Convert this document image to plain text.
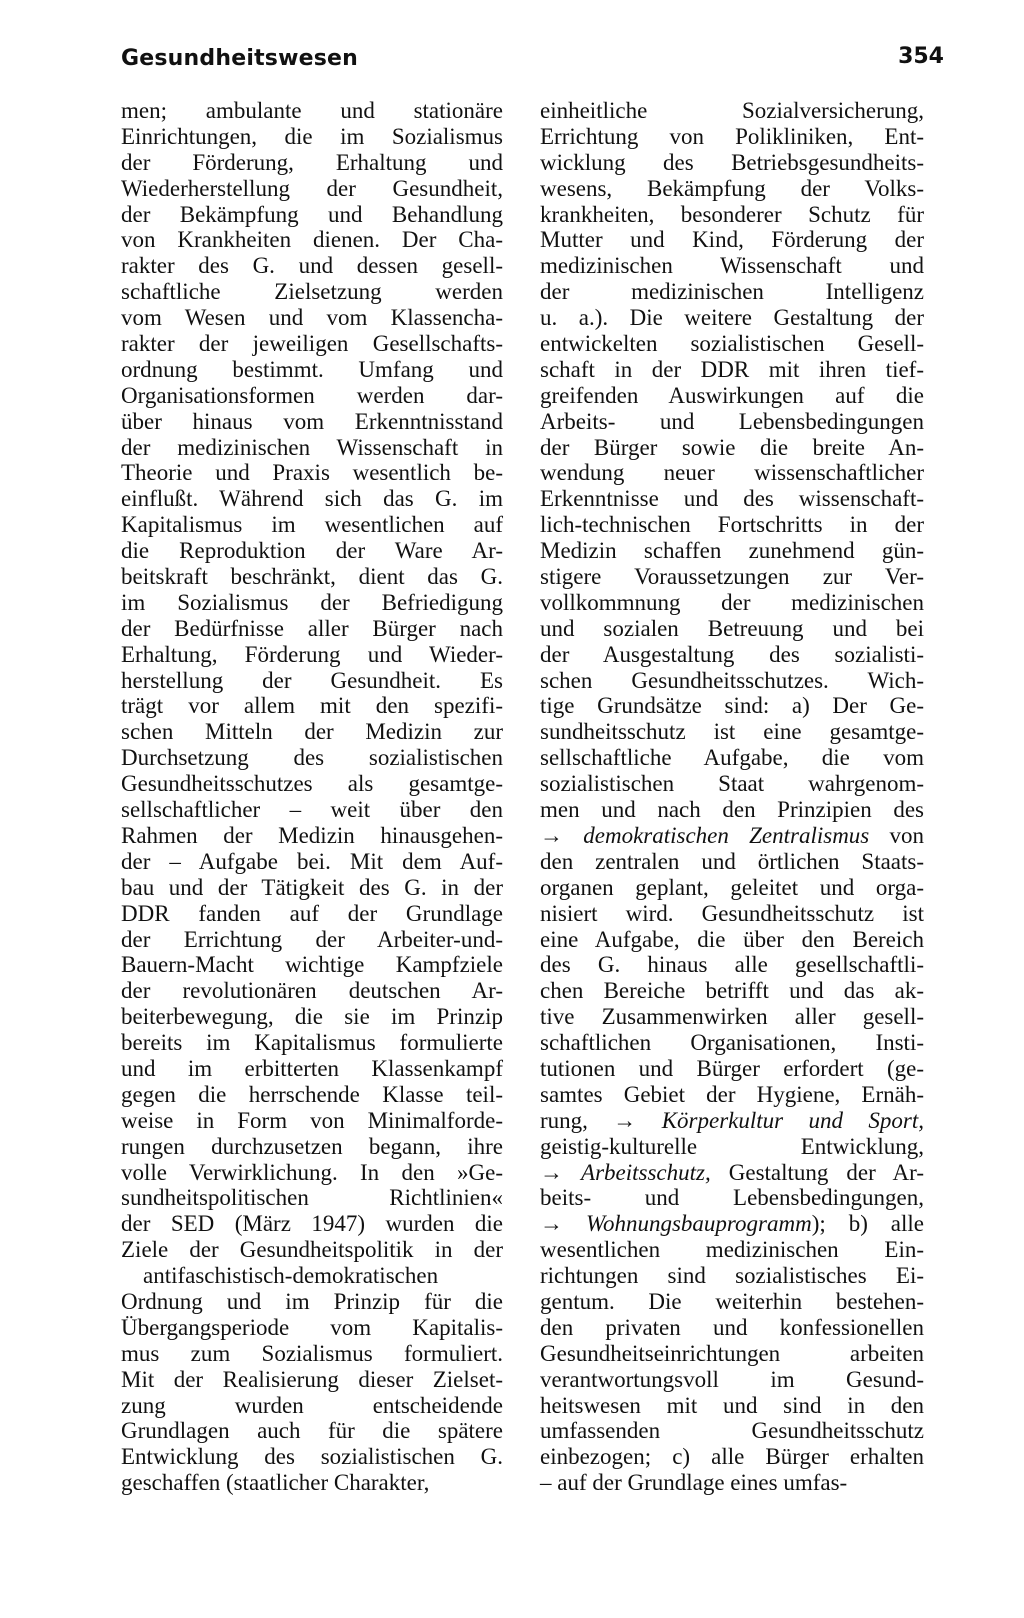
Gesundheitswesen	354
men; ambulante und stationäre
Einrichtungen, die im Sozialismus
der Förderung, Erhaltung und
Wiederherstellung der Gesundheit,
der Bekämpfung und Behandlung
von Krankheiten dienen. Der Cha-
rakter des G. und dessen gesell-
schaftliche Zielsetzung werden
vom Wesen und vom Klassencha-
rakter der jeweiligen Gesellschafts-
ordnung bestimmt. Umfang und
Organisationsformen werden dar-
über hinaus vom Erkenntnisstand
der medizinischen Wissenschaft in
Theorie und Praxis wesentlich be-
einflußt. Während sich das G. im
Kapitalismus im wesentlichen auf
die Reproduktion der Ware Ar-
beitskraft beschränkt, dient das G.
im Sozialismus der Befriedigung
der Bedürfnisse aller Bürger nach
Erhaltung, Förderung und Wieder-
herstellung der Gesundheit. Es
trägt vor allem mit den spezifi-
schen Mitteln der Medizin zur
Durchsetzung des sozialistischen
Gesundheitsschutzes als gesamtge-
sellschaftlicher – weit über den
Rahmen der Medizin hinausgehen-
der – Aufgabe bei. Mit dem Auf-
bau und der Tätigkeit des G. in der
DDR fanden auf der Grundlage
der Errichtung der Arbeiter-und-
Bauern-Macht wichtige Kampfziele
der revolutionären deutschen Ar-
beiterbewegung, die sie im Prinzip
bereits im Kapitalismus formulierte
und im erbitterten Klassenkampf
gegen die herrschende Klasse teil-
weise in Form von Minimalforde-
rungen durchzusetzen begann, ihre
volle Verwirklichung. In den »Ge-
sundheitspolitischen Richtlinien«
der SED (März 1947) wurden die
Ziele der Gesundheitspolitik in der
antifaschistisch-demokratischen
Ordnung und im Prinzip für die
Übergangsperiode vom Kapitalis-
mus zum Sozialismus formuliert.
Mit der Realisierung dieser Zielset-
zung wurden entscheidende
Grundlagen auch für die spätere
Entwicklung des sozialistischen G.
geschaffen (staatlicher Charakter,
einheitliche Sozialversicherung,
Errichtung von Polikliniken, Ent-
wicklung des Betriebsgesundheits-
wesens, Bekämpfung der Volks-
krankheiten, besonderer Schutz für
Mutter und Kind, Förderung der
medizinischen Wissenschaft und
der medizinischen Intelligenz
u. a.). Die weitere Gestaltung der
entwickelten sozialistischen Gesell-
schaft in der DDR mit ihren tief-
greifenden Auswirkungen auf die
Arbeits- und Lebensbedingungen
der Bürger sowie die breite An-
wendung neuer wissenschaftlicher
Erkenntnisse und des wissenschaft-
lich-technischen Fortschritts in der
Medizin schaffen zunehmend gün-
stigere Voraussetzungen zur Ver-
vollkommnung der medizinischen
und sozialen Betreuung und bei
der Ausgestaltung des sozialisti-
schen Gesundheitsschutzes. Wich-
tige Grundsätze sind: a) Der Ge-
sundheitsschutz ist eine gesamtge-
sellschaftliche Aufgabe, die vom
sozialistischen Staat wahrgenom-
men und nach den Prinzipien des
→ demokratischen Zentralismus von
den zentralen und örtlichen Staats-
organen geplant, geleitet und orga-
nisiert wird. Gesundheitsschutz ist
eine Aufgabe, die über den Bereich
des G. hinaus alle gesellschaftli-
chen Bereiche betrifft und das ak-
tive Zusammenwirken aller gesell-
schaftlichen Organisationen, Insti-
tutionen und Bürger erfordert (ge-
samtes Gebiet der Hygiene, Ernäh-
rung, → Körperkultur und Sport,
geistig-kulturelle Entwicklung,
→ Arbeitsschutz, Gestaltung der Ar-
beits- und Lebensbedingungen,
→ Wohnungsbauprogramm); b) alle
wesentlichen medizinischen Ein-
richtungen sind sozialistisches Ei-
gentum. Die weiterhin bestehen-
den privaten und konfessionellen
Gesundheitseinrichtungen arbeiten
verantwortungsvoll im Gesund-
heitswesen mit und sind in den
umfassenden Gesundheitsschutz
einbezogen; c) alle Bürger erhalten
– auf der Grundlage eines umfas-
